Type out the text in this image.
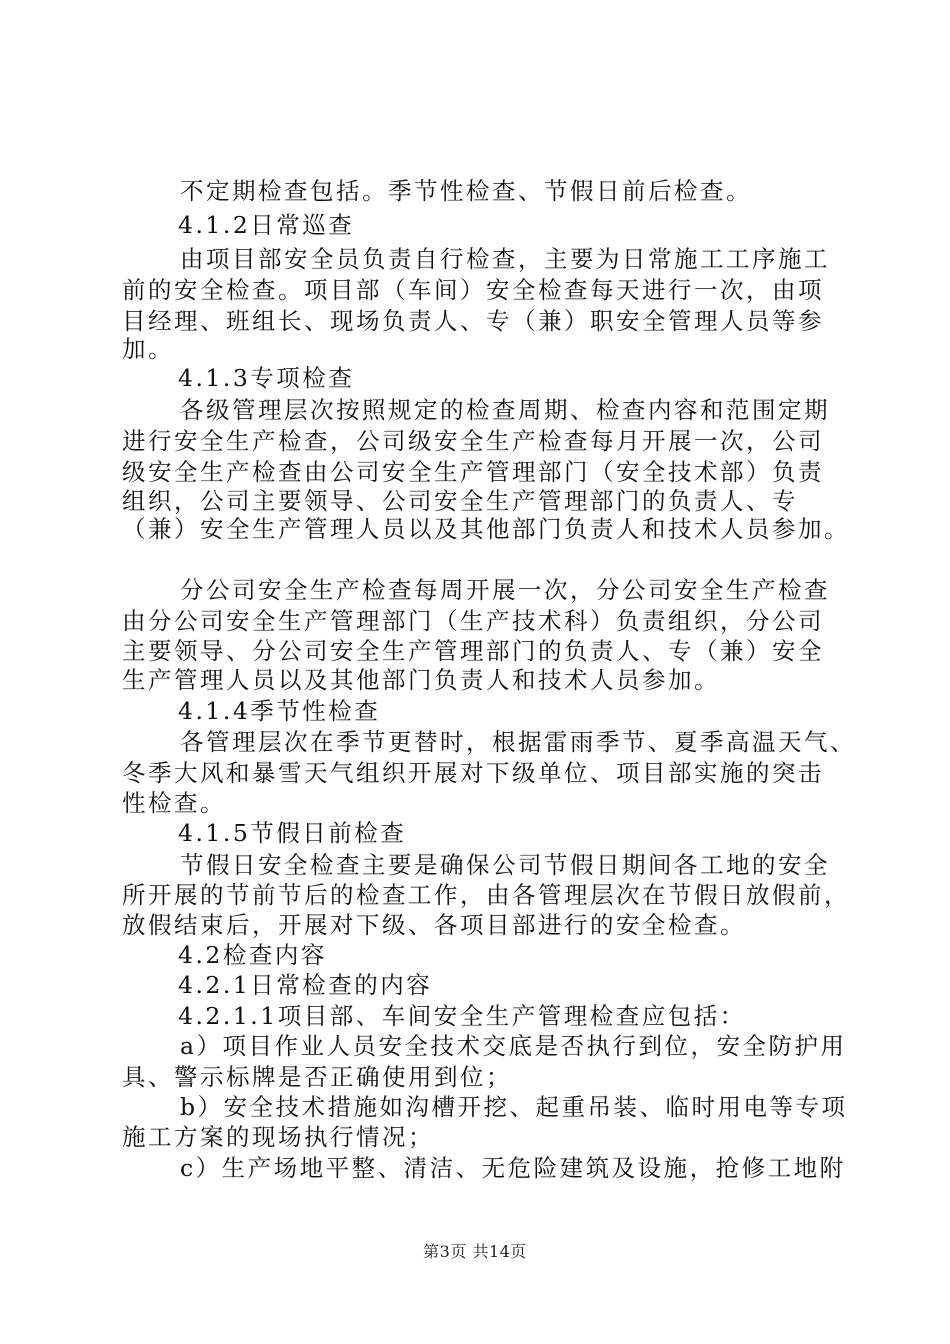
不定期检查包括。季节性检查、节假日前后检查。
4.1.2日常巡查
由项目部安全员负责自行检查，主要为日常施工工序施工
前的安全检查。项目部（车间）安全检查每天进行一次，由项
目经理、班组长、现场负责人、专（兼）职安全管理人员等参
加。
4.1.3专项检查
各级管理层次按照规定的检查周期、检查内容和范围定期
进行安全生产检查，公司级安全生产检查每月开展一次，公司
级安全生产检查由公司安全生产管理部门（安全技术部）负责
组织，公司主要领导、公司安全生产管理部门的负责人、专
（兼）安全生产管理人员以及其他部门负责人和技术人员参加。
分公司安全生产检查每周开展一次，分公司安全生产检查
由分公司安全生产管理部门（生产技术科）负责组织，分公司
主要领导、分公司安全生产管理部门的负责人、专（兼）安全
生产管理人员以及其他部门负责人和技术人员参加。
4.1.4季节性检查
各管理层次在季节更替时，根据雷雨季节、夏季高温天气、
冬季大风和暴雪天气组织开展对下级单位、项目部实施的突击
性检查。
4.1.5节假日前检查
节假日安全检查主要是确保公司节假日期间各工地的安全
所开展的节前节后的检查工作，由各管理层次在节假日放假前，
放假结束后，开展对下级、各项目部进行的安全检查。
4.2检查内容
4.2.1日常检查的内容
4.2.1.1项目部、车间安全生产管理检查应包括：
a）项目作业人员安全技术交底是否执行到位，安全防护用
具、警示标牌是否正确使用到位；
b）安全技术措施如沟槽开挖、起重吊装、临时用电等专项
施工方案的现场执行情况；
c）生产场地平整、清洁、无危险建筑及设施，抢修工地附
第3页 共14页
